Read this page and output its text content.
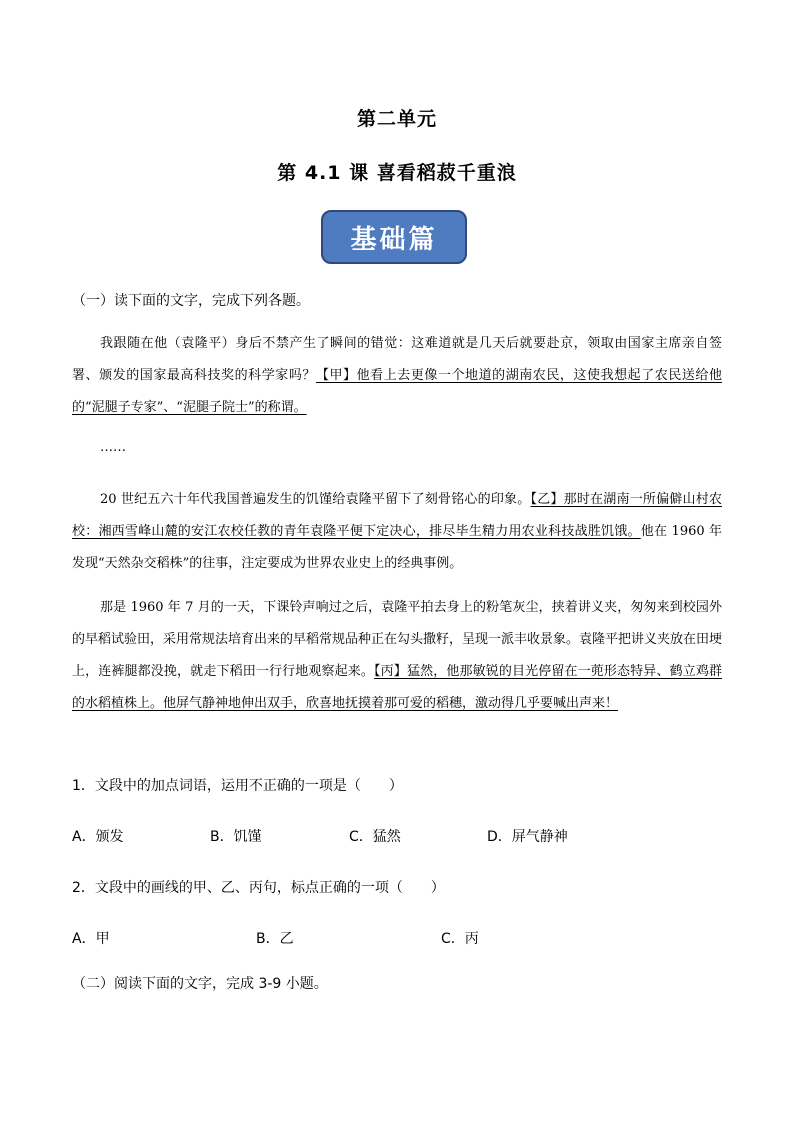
第二单元
第 4.1 课 喜看稻菽千重浪
基础篇
（一）读下面的文字，完成下列各题。
我跟随在他（袁隆平）身后不禁产生了瞬间的错觉：这难道就是几天后就要赴京，领取由国家主席亲自签署、颁发的国家最高科技奖的科学家吗？【甲】他看上去更像一个地道的湖南农民，这使我想起了农民送给他的“泥腿子专家”、“泥腿子院士”的称谓。
……
20 世纪五六十年代我国普遍发生的饥馑给袁隆平留下了刻骨铭心的印象。【乙】那时在湖南一所偏僻山村农校：湘西雪峰山麓的安江农校任教的青年袁隆平便下定决心，排尽毕生精力用农业科技战胜饥饿。他在 1960 年发现“天然杂交稻株”的往事，注定要成为世界农业史上的经典事例。
那是 1960 年 7 月的一天，下课铃声响过之后，袁隆平拍去身上的粉笔灰尘，挟着讲义夹，匆匆来到校园外的早稻试验田，采用常规法培育出来的早稻常规品种正在勾头撒籽，呈现一派丰收景象。袁隆平把讲义夹放在田埂上，连裤腿都没挽，就走下稻田一行行地观察起来。【丙】猛然，他那敏锐的目光停留在一蔸形态特异、鹤立鸡群的水稻植株上。他屏气静神地伸出双手，欣喜地抚摸着那可爱的稻穗，激动得几乎要喊出声来！
1．文段中的加点词语，运用不正确的一项是（　　）
A．颁发	B．饥馑	C．猛然	D．屏气静神
2．文段中的画线的甲、乙、丙句，标点正确的一项（　　）
A．甲	B．乙	C．丙
（二）阅读下面的文字，完成 3-9 小题。
